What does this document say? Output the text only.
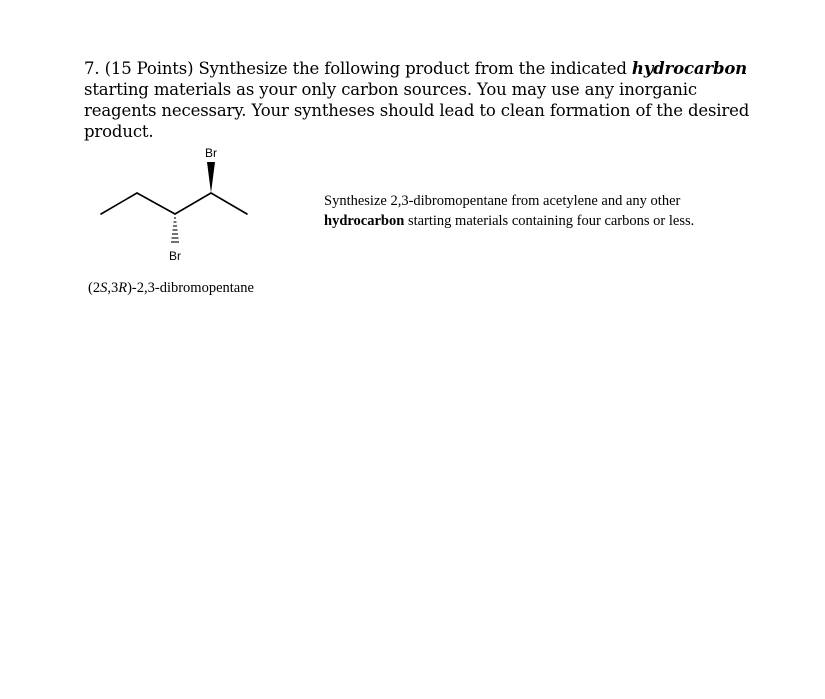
7. (15 Points) Synthesize the following product from the indicated hydrocarbon starting materials as your only carbon sources. You may use any inorganic reagents necessary. Your syntheses should lead to clean formation of the desired product.
Br
Br
(2S,3R)-2,3-dibromopentane
Synthesize 2,3-dibromopentane from acetylene and any other hydrocarbon starting materials containing four carbons or less.
